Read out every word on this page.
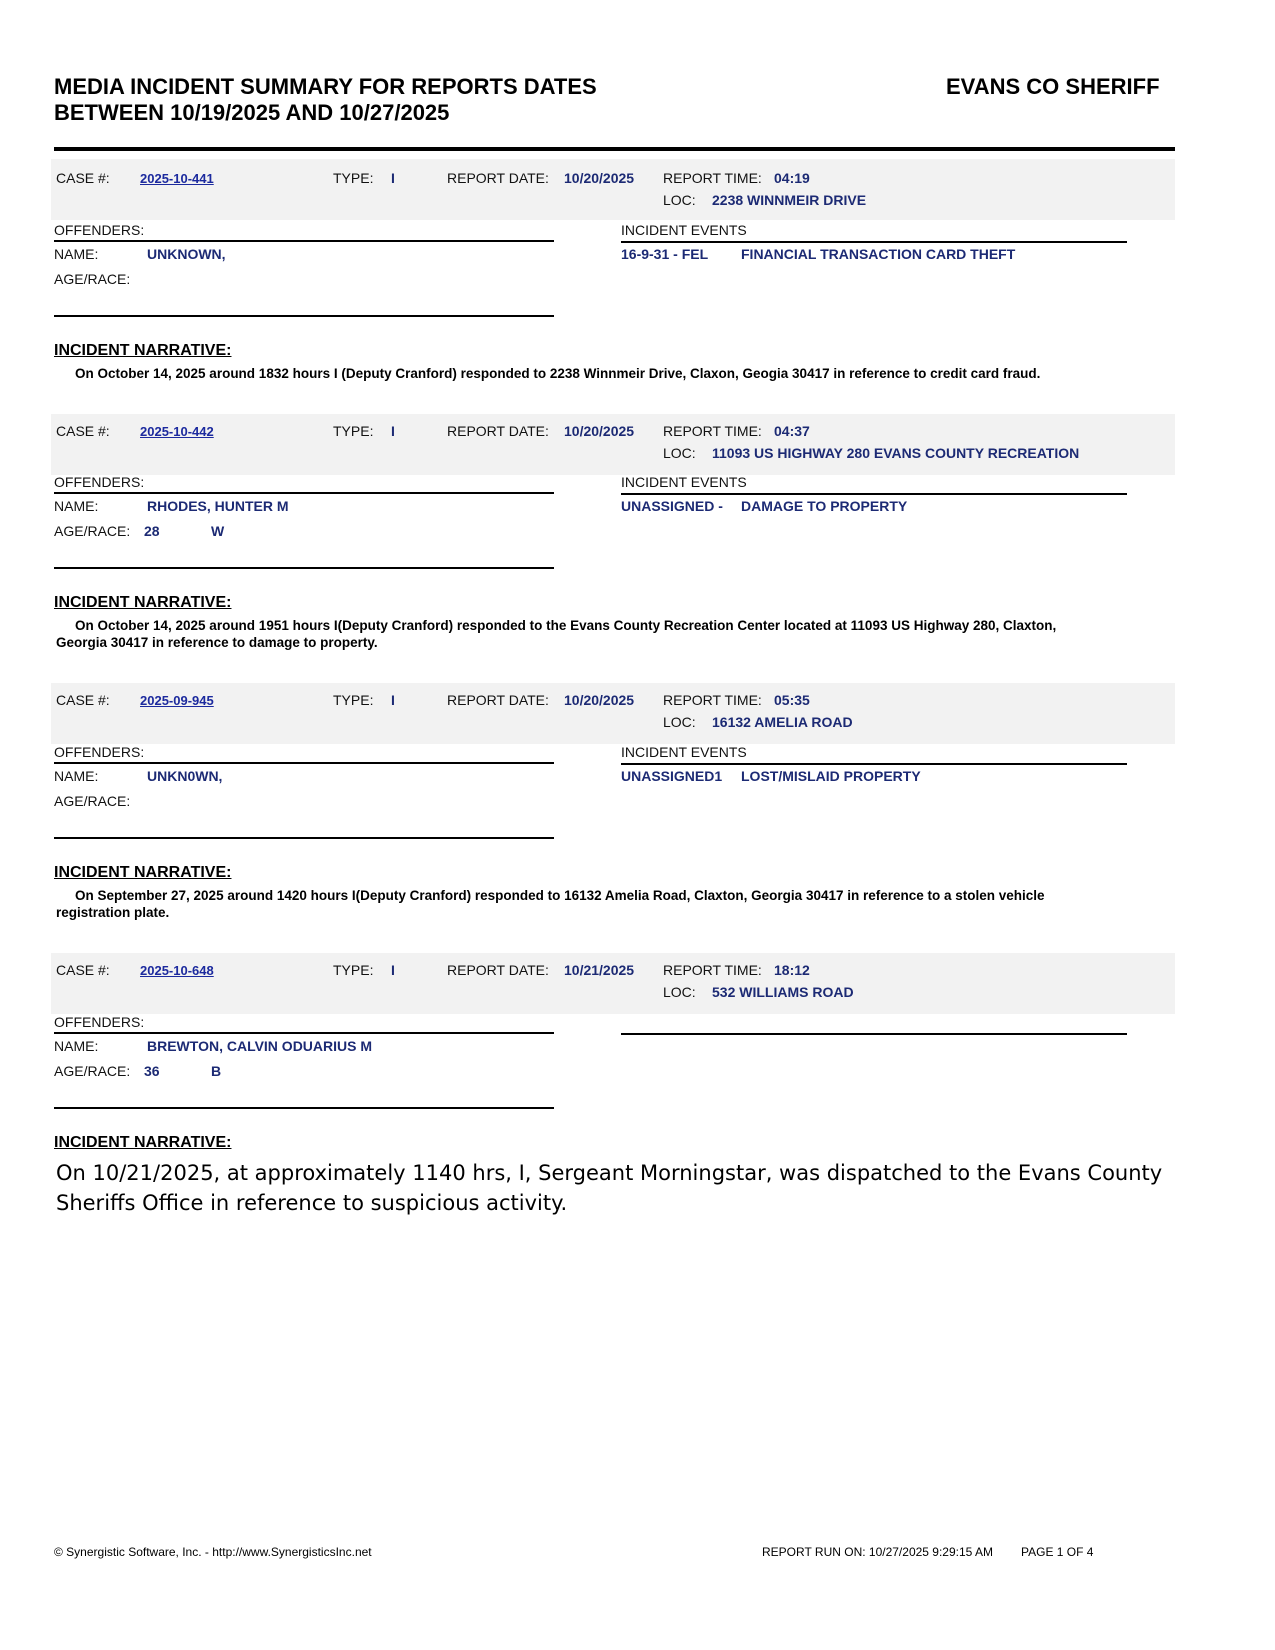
MEDIA INCIDENT SUMMARY FOR REPORTS DATES
BETWEEN 10/19/2025 AND 10/27/2025
EVANS CO SHERIFF
CASE #: 2025-10-441	TYPE: I	REPORT DATE: 10/20/2025 REPORT TIME: 04:19
LOC: 2238 WINNMEIR DRIVE
OFFENDERS:	INCIDENT EVENTS
NAME:	UNKNOWN,
AGE/RACE:
16-9-31 - FEL FINANCIAL TRANSACTION CARD THEFT
INCIDENT NARRATIVE:
On October 14, 2025 around 1832 hours I (Deputy Cranford) responded to 2238 Winnmeir Drive, Claxon, Geogia 30417 in reference to credit card fraud.
CASE #: 2025-10-442	TYPE: I	REPORT DATE: 10/20/2025 REPORT TIME: 04:37
LOC: 11093 US HIGHWAY 280 EVANS COUNTY RECREATION
OFFENDERS:	INCIDENT EVENTS
NAME:	RHODES, HUNTER M
AGE/RACE: 28	W
UNASSIGNED - DAMAGE TO PROPERTY
INCIDENT NARRATIVE:
On October 14, 2025 around 1951 hours I(Deputy Cranford) responded to the Evans County Recreation Center located at 11093 US Highway 280, Claxton,
Georgia 30417 in reference to damage to property.
CASE #: 2025-09-945	TYPE: I	REPORT DATE: 10/20/2025 REPORT TIME: 05:35
LOC: 16132 AMELIA ROAD
OFFENDERS:	INCIDENT EVENTS
NAME:	UNKN0WN,
AGE/RACE:
UNASSIGNED1 LOST/MISLAID PROPERTY
INCIDENT NARRATIVE:
On September 27, 2025 around 1420 hours I(Deputy Cranford) responded to 16132 Amelia Road, Claxton, Georgia 30417 in reference to a stolen vehicle
registration plate.
CASE #: 2025-10-648	TYPE: I	REPORT DATE: 10/21/2025 REPORT TIME: 18:12
LOC: 532 WILLIAMS ROAD
OFFENDERS:
NAME:	BREWTON, CALVIN ODUARIUS M
AGE/RACE: 36	B
INCIDENT NARRATIVE:
On 10/21/2025, at approximately 1140 hrs, I, Sergeant Morningstar, was dispatched to the Evans County
Sheriffs Office in reference to suspicious activity.
© Synergistic Software, Inc. - http://www.SynergisticsInc.net	REPORT RUN ON: 10/27/2025 9:29:15 AM PAGE 1 OF 4
